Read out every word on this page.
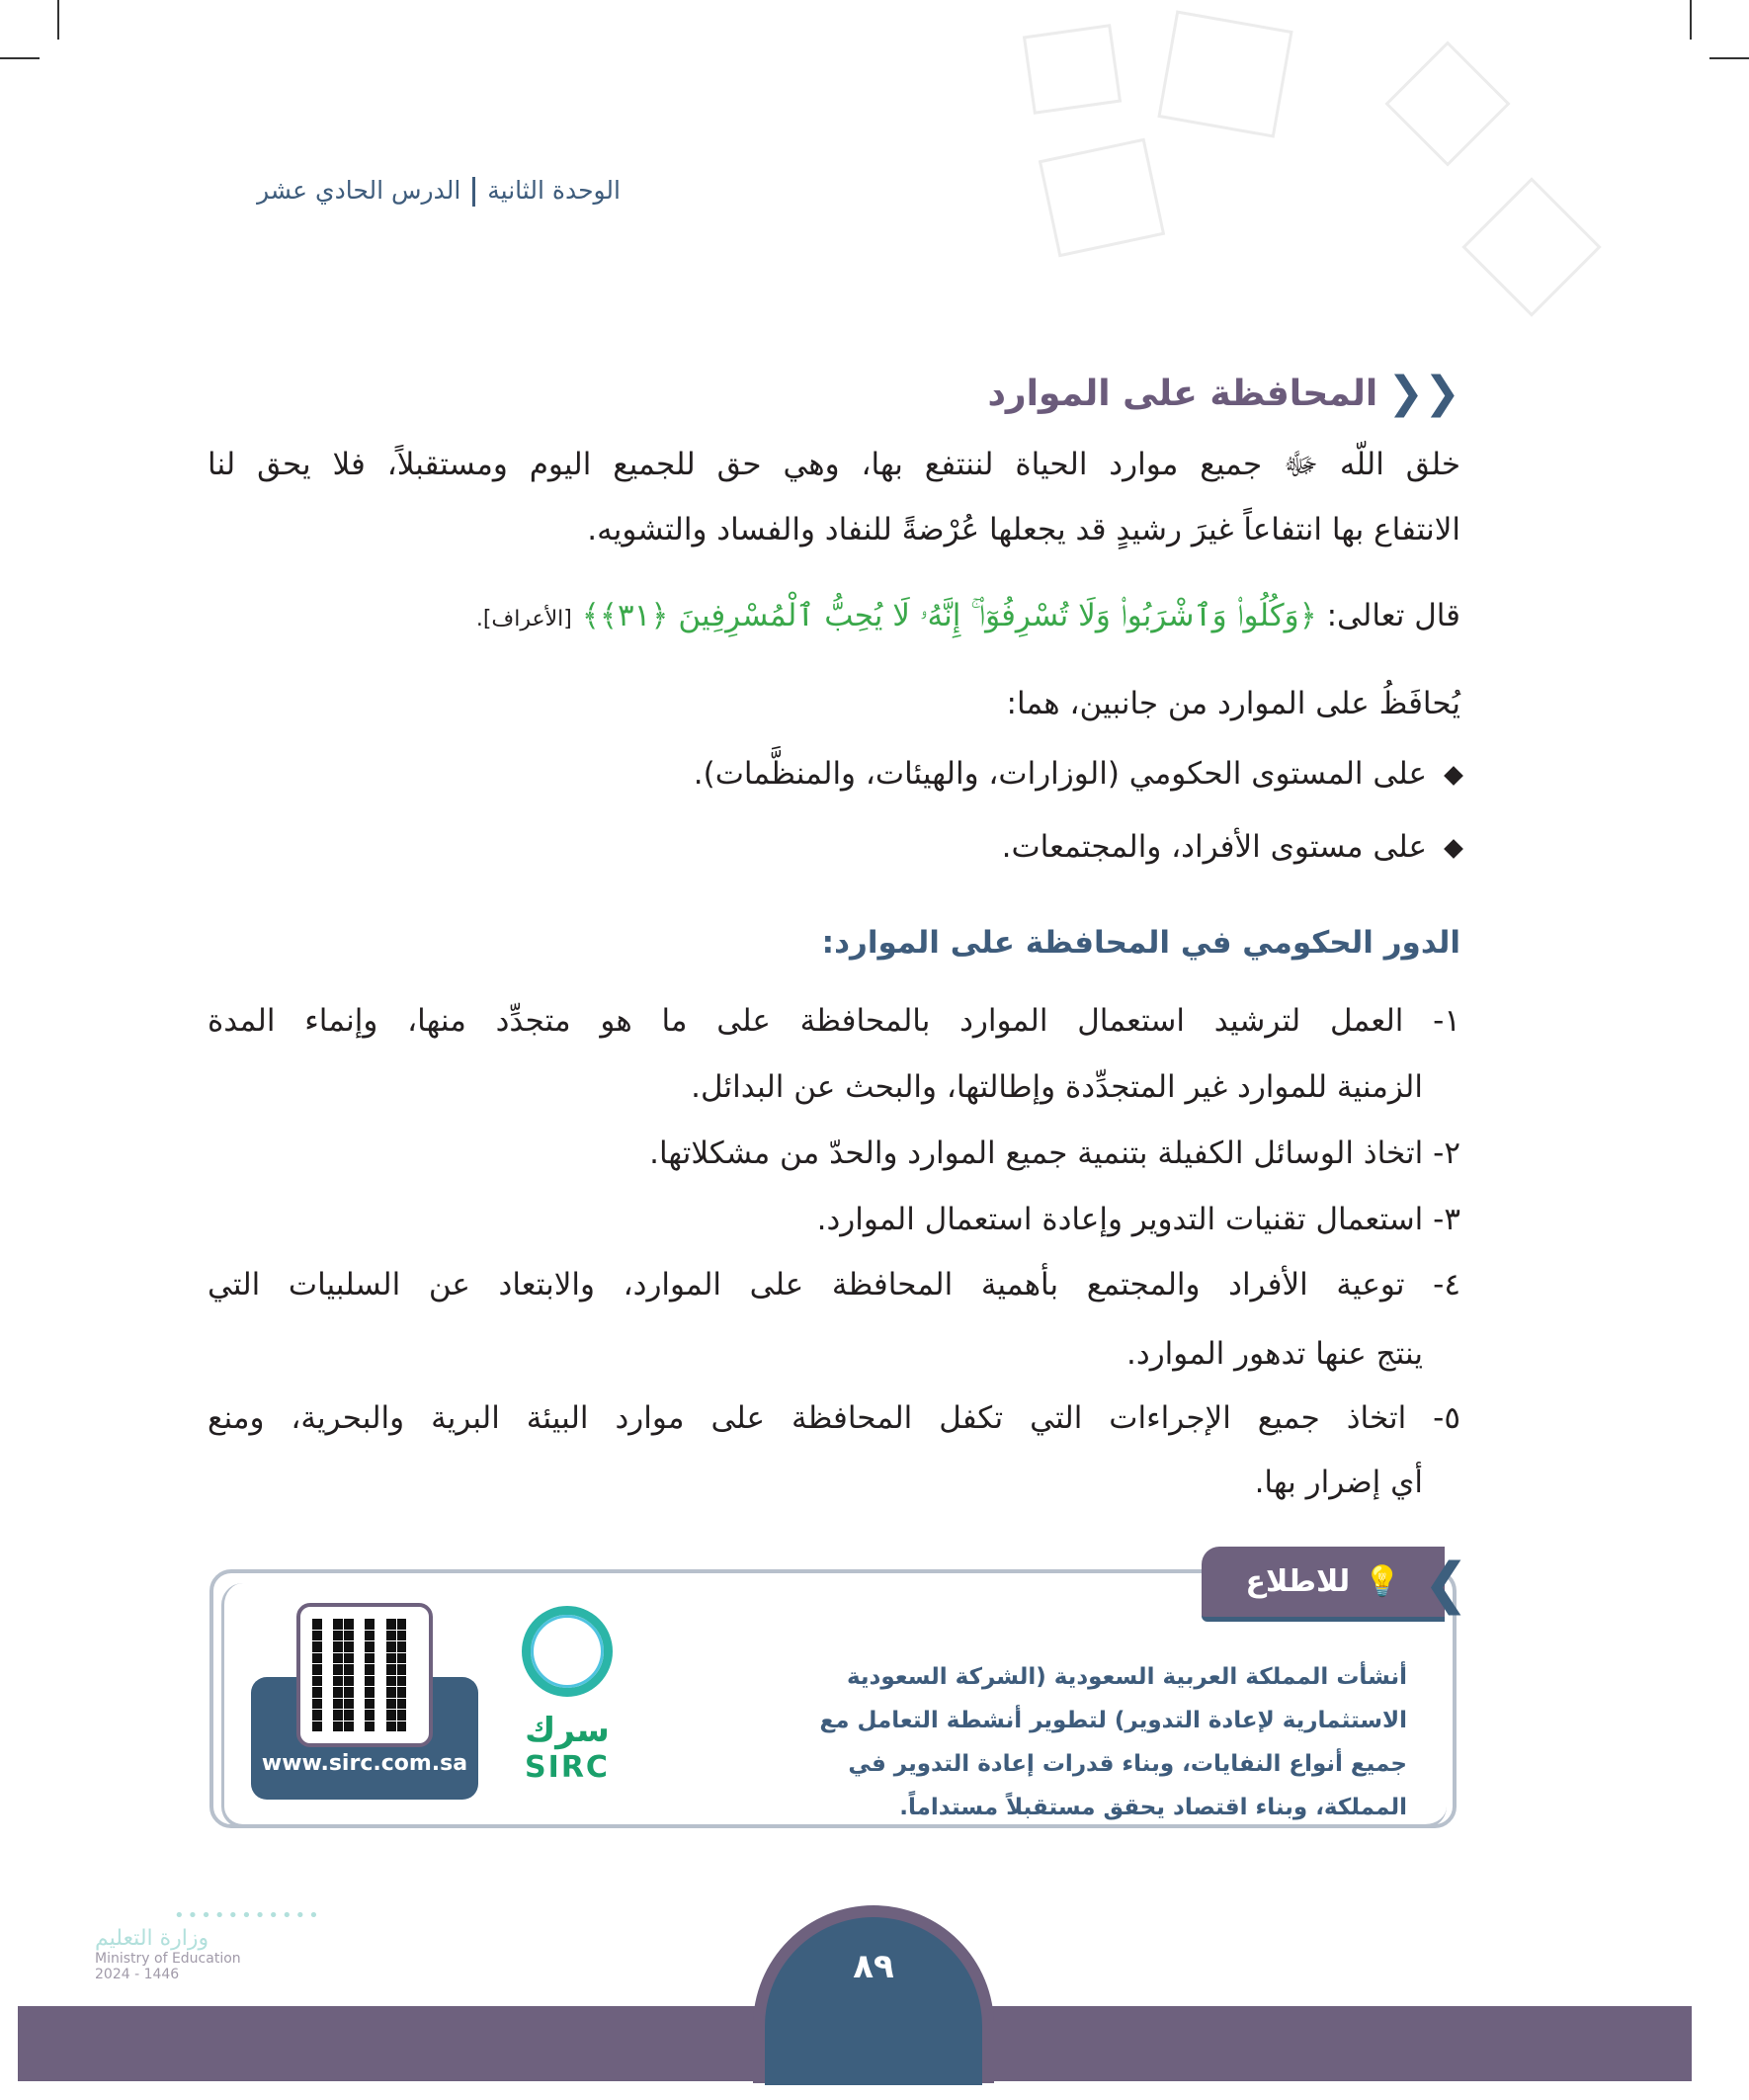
الوحدة الثانيةالدرس الحادي عشر
❮❮
المحافظة على الموارد
خلق اللّه ﷻ جميع موارد الحياة لننتفع بها، وهي حق للجميع اليوم ومستقبلاً، فلا يحق لنا
الانتفاع بها انتفاعاً غيرَ رشيدٍ قد يجعلها عُرْضةً للنفاد والفساد والتشويه.
قال تعالى: ﴿وَكُلُوا۟ وَٱشْرَبُوا۟ وَلَا تُسْرِفُوٓا۟ ۚ إِنَّهُۥ لَا يُحِبُّ ٱلْمُسْرِفِينَ ﴿٣١﴾﴾ [الأعراف].
يُحافَظُ على الموارد من جانبين، هما:
على المستوى الحكومي (الوزارات، والهيئات، والمنظَّمات).
على مستوى الأفراد، والمجتمعات.
الدور الحكومي في المحافظة على الموارد:
١- العمل لترشيد استعمال الموارد بالمحافظة على ما هو متجدِّد منها، وإنماء المدة
الزمنية للموارد غير المتجدِّدة وإطالتها، والبحث عن البدائل.
٢- اتخاذ الوسائل الكفيلة بتنمية جميع الموارد والحدّ من مشكلاتها.
٣- استعمال تقنيات التدوير وإعادة استعمال الموارد.
٤- توعية الأفراد والمجتمع بأهمية المحافظة على الموارد، والابتعاد عن السلبيات التي
ينتج عنها تدهور الموارد.
٥- اتخاذ جميع الإجراءات التي تكفل المحافظة على موارد البيئة البرية والبحرية، ومنع
أي إضرار بها.
💡
للاطلاع ❮
أنشأت المملكة العربية السعودية (الشركة السعودية الاستثمارية لإعادة التدوير) لتطوير أنشطة التعامل مع جميع أنواع النفايات، وبناء قدرات إعادة التدوير في المملكة، وبناء اقتصاد يحقق مستقبلاً مستداماً.
سرك
SIRC
www.sirc.com.sa
•••••••••••
وزارة التعليم
Ministry of Education
2024 - 1446	٨٩
